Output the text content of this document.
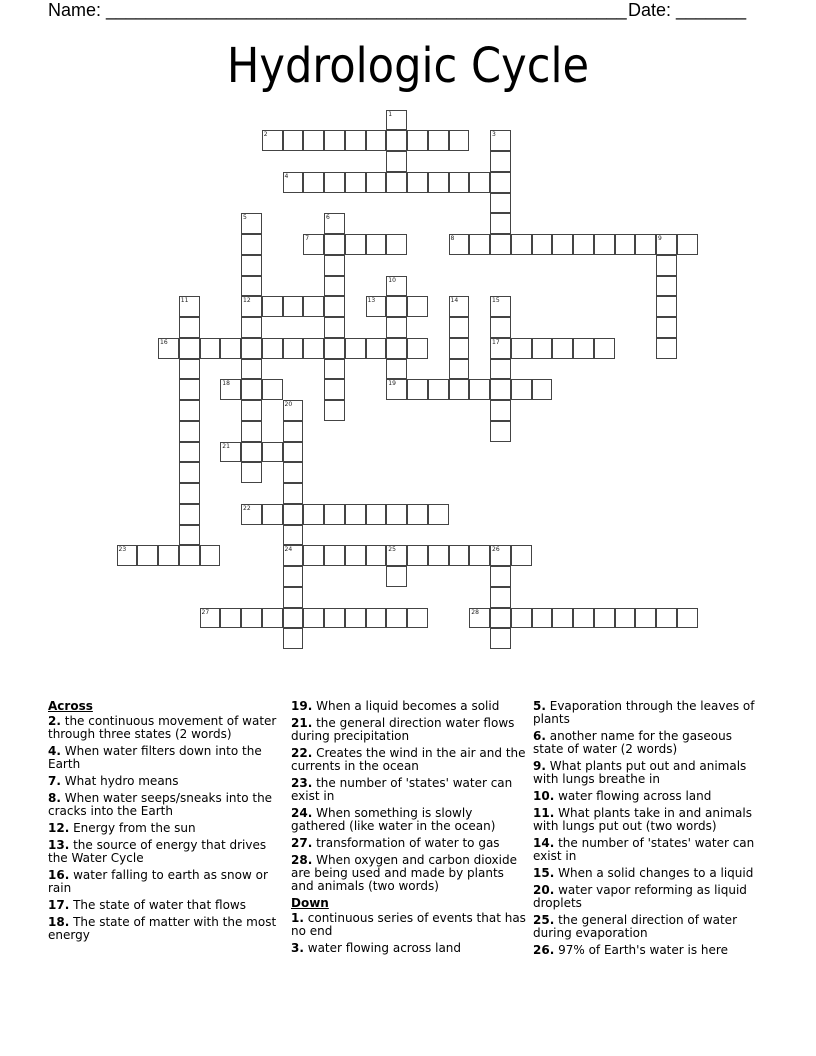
Name: ____________________________________________________ Date: _______
Hydrologic Cycle
2
4
7	8	9
12	13
16	17
18	19
21
22
23	24	25	26
27	28
1
3
5	6
10
11	14	15
20
Across
2. the continuous movement of water through three states (2 words)
4. When water filters down into the Earth
7. What hydro means
8. When water seeps/sneaks into the cracks into the Earth
12. Energy from the sun
13. the source of energy that drives the Water Cycle
16. water falling to earth as snow or rain
17. The state of water that flows
18. The state of matter with the most energy
19. When a liquid becomes a solid
21. the general direction water flows during precipitation
22. Creates the wind in the air and the currents in the ocean
23. the number of 'states' water can exist in
24. When something is slowly gathered (like water in the ocean)
27. transformation of water to gas
28. When oxygen and carbon dioxide are being used and made by plants and animals (two words)
Down
1. continuous series of events that has no end
3. water flowing across land
5. Evaporation through the leaves of plants
6. another name for the gaseous state of water (2 words)
9. What plants put out and animals with lungs breathe in
10. water flowing across land
11. What plants take in and animals with lungs put out (two words)
14. the number of 'states' water can exist in
15. When a solid changes to a liquid
20. water vapor reforming as liquid droplets
25. the general direction of water during evaporation
26. 97% of Earth's water is here
